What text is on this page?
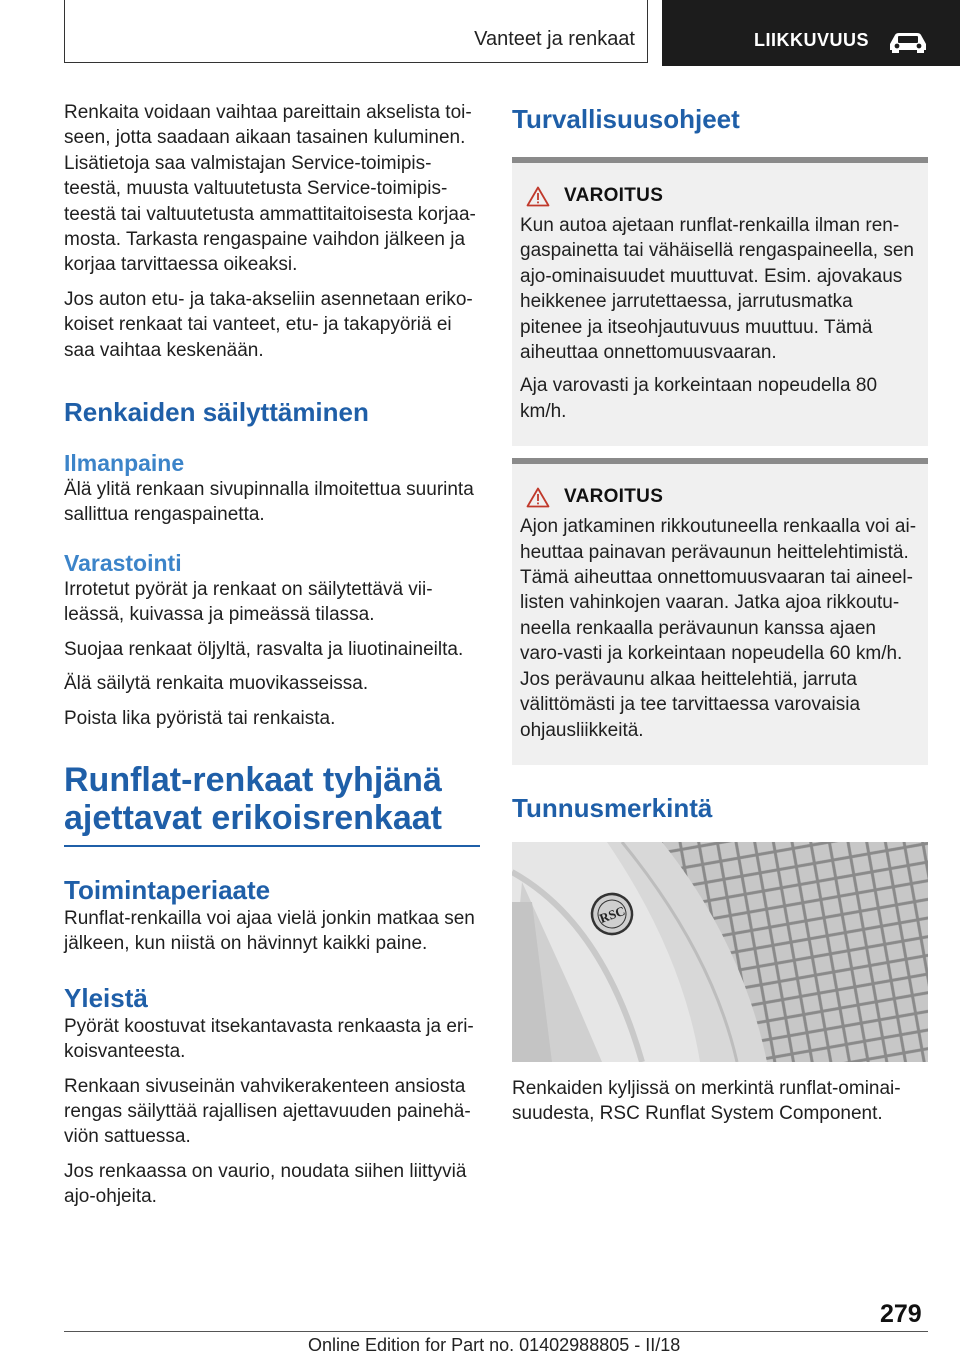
Vanteet ja renkaat	LIIKKUVUUS

Renkaita voidaan vaihtaa pareittain akselista toi-seen, jotta saadaan aikaan tasainen kuluminen. Lisätietoja saa valmistajan Service-toimipis-teestä, muusta valtuutetusta Service-toimipis-teestä tai valtuutetusta ammattitaitoisesta korjaa-mosta. Tarkasta rengaspaine vaihdon jälkeen ja korjaa tarvittaessa oikeaksi.

Jos auton etu- ja taka-akseliin asennetaan eriko-koiset renkaat tai vanteet, etu- ja takapyöriä ei saa vaihtaa keskenään.

Renkaiden säilyttäminen
Ilmanpaine

Älä ylitä renkaan sivupinnalla ilmoitettua suurinta sallittua rengaspainetta.

Varastointi

Irrotetut pyörät ja renkaat on säilytettävä vii-leässä, kuivassa ja pimeässä tilassa.

Suojaa renkaat öljyltä, rasvalta ja liuotinaineilta.

Älä säilytä renkaita muovikasseissa.

Poista lika pyöristä tai renkaista.

Runflat-renkaat tyhjänä ajettavat erikoisrenkaat
Toimintaperiaate

Runflat-renkailla voi ajaa vielä jonkin matkaa sen jälkeen, kun niistä on hävinnyt kaikki paine.

Yleistä

Pyörät koostuvat itsekantavasta renkaasta ja eri-koisvanteesta.

Renkaan sivuseinän vahvikerakenteen ansiosta rengas säilyttää rajallisen ajettavuuden painehä-viön sattuessa.

Jos renkaassa on vaurio, noudata siihen liittyviä ajo-ohjeita.

Turvallisuusohjeet
VAROITUS

Kun autoa ajetaan runflat-renkailla ilman ren-gaspainetta tai vähäisellä rengaspaineella, sen ajo-ominaisuudet muuttuvat. Esim. ajovakaus heikkenee jarrutettaessa, jarrutusmatka pitenee ja itseohjautuvuus muuttuu. Tämä aiheuttaa onnettomuusvaaran.

Aja varovasti ja korkeintaan nopeudella 80 km/h.

VAROITUS

Ajon jatkaminen rikkoutuneella renkaalla voi ai-heuttaa painavan perävaunun heittelehtimistä. Tämä aiheuttaa onnettomuusvaaran tai aineel-listen vahinkojen vaaran. Jatka ajoa rikkoutu-neella renkaalla perävaunun kanssa ajaen varo-vasti ja korkeintaan nopeudella 60 km/h. Jos perävaunu alkaa heittelehtiä, jarruta välittömästi ja tee tarvittaessa varovaisia ohjausliikkeitä.

Tunnusmerkintä
RSC

Renkaiden kyljissä on merkintä runflat-ominai-suudesta, RSC Runflat System Component.

279
Online Edition for Part no. 01402988805 - II/18
